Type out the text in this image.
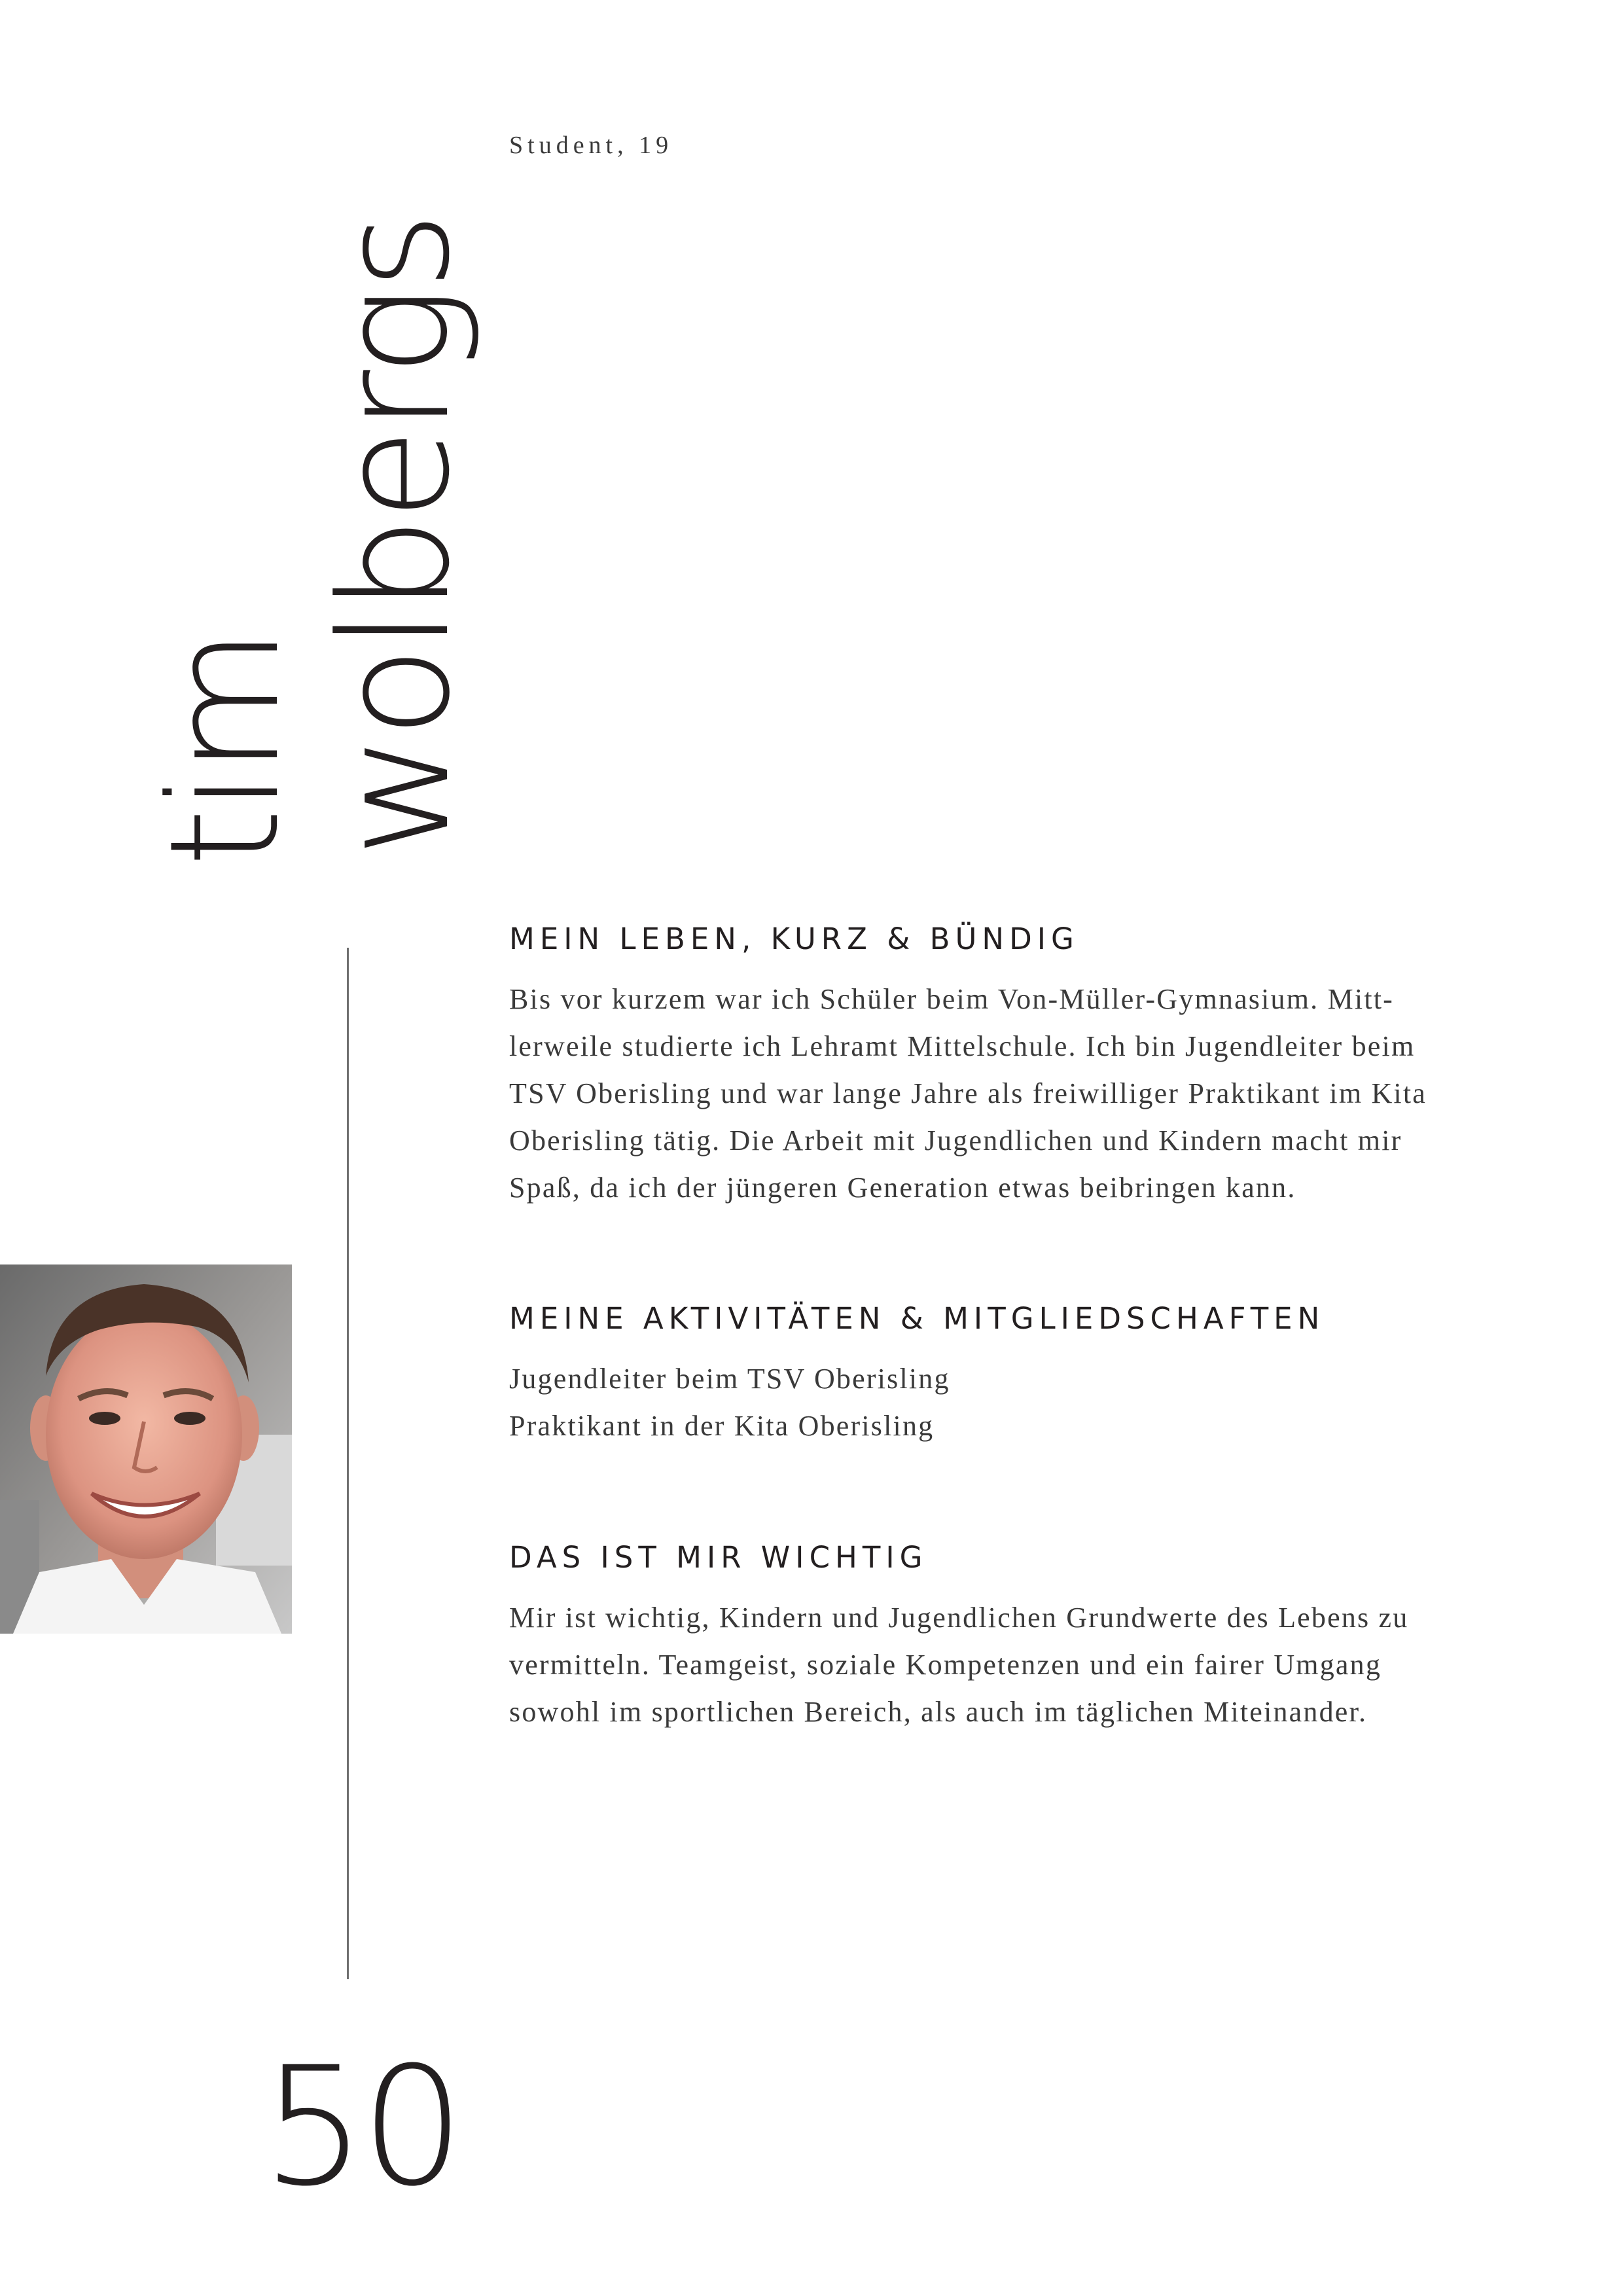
Student, 19
tim
wolbergs
MEIN LEBEN, KURZ & BÜNDIG
Bis vor kurzem war ich Schüler beim Von-Müller-Gymnasium. Mitt-
lerweile studierte ich Lehramt Mittelschule. Ich bin Jugendleiter beim
TSV Oberisling und war lange Jahre als freiwilliger Praktikant im Kita
Oberisling tätig. Die Arbeit mit Jugendlichen und Kindern macht mir
Spaß, da ich der jüngeren Generation etwas beibringen kann.
MEINE AKTIVITÄTEN & MITGLIEDSCHAFTEN
Jugendleiter beim TSV Oberisling
Praktikant in der Kita Oberisling
DAS IST MIR WICHTIG
Mir ist wichtig, Kindern und Jugendlichen Grundwerte des Lebens zu
vermitteln. Teamgeist, soziale Kompetenzen und ein fairer Umgang
sowohl im sportlichen Bereich, als auch im täglichen Miteinander.
50
